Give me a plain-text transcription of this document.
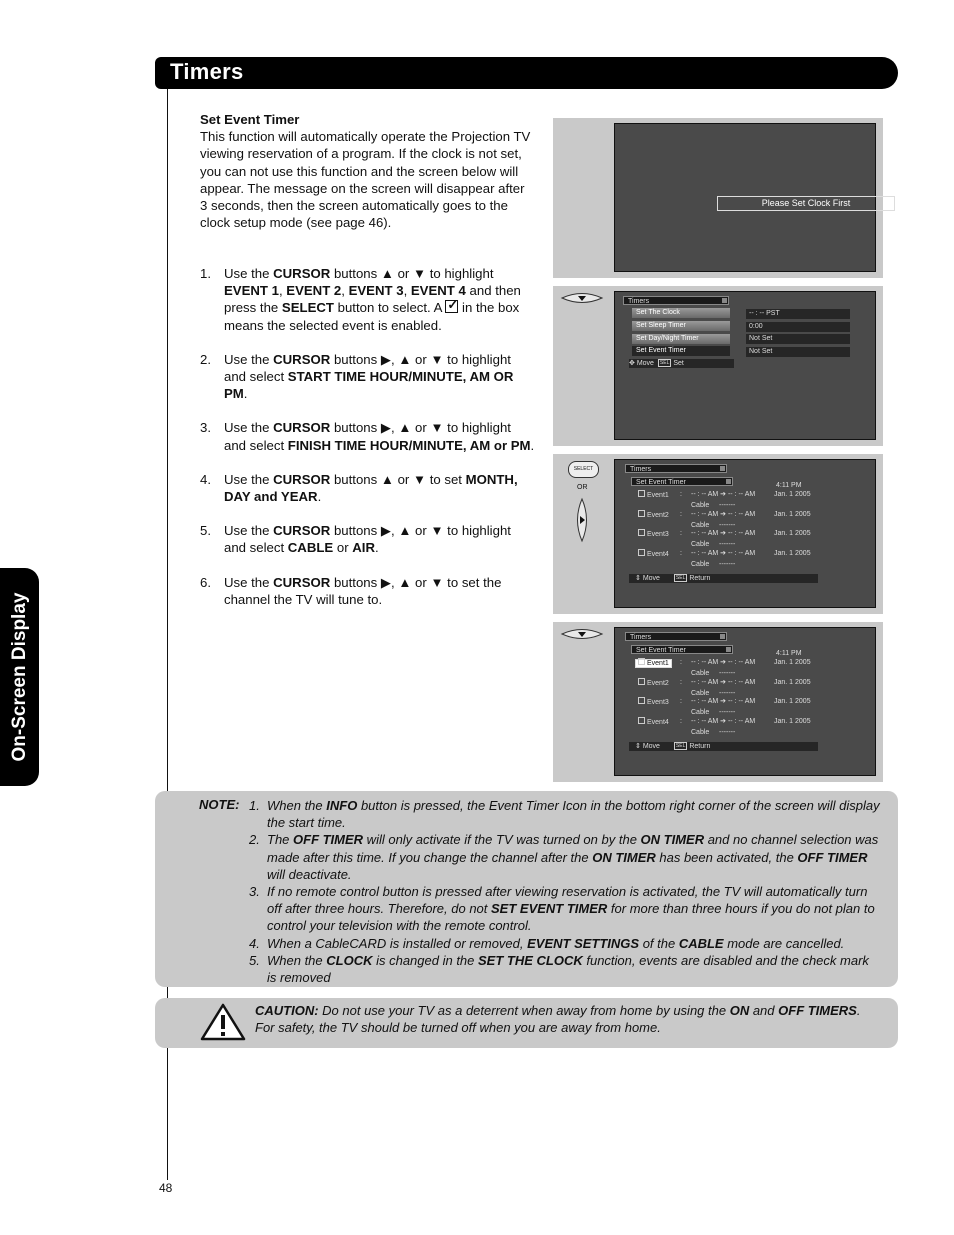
Timers
On-Screen Display
Set Event Timer

This function will automatically operate the Projection TV viewing reservation of a program. If the clock is not set, you can not use this function and the screen below will appear. The message on the screen will disappear after 3 seconds, then the screen automatically goes to the clock setup mode (see page 46).

1. Use the CURSOR buttons ▲ or ▼ to highlight EVENT 1, EVENT 2, EVENT 3, EVENT 4 and then press the SELECT button to select. A ✓ in the box means the selected event is enabled.
2. Use the CURSOR buttons ▶, ▲ or ▼ to highlight and select START TIME HOUR/MINUTE, AM OR PM.
3. Use the CURSOR buttons ▶, ▲ or ▼ to highlight and select FINISH TIME HOUR/MINUTE, AM or PM.
4. Use the CURSOR buttons ▲ or ▼ to set MONTH, DAY and YEAR.
5. Use the CURSOR buttons ▶, ▲ or ▼ to highlight and select CABLE or AIR.
6. Use the CURSOR buttons ▶, ▲ or ▼ to set the channel the TV will tune to.
Please Set Clock First
Timers
Set The Clock
Set Sleep Timer
Set Day/Night Timer
Set Event Timer
-- : -- PST
0:00
Not Set
Not Set
✥ Move SEL Set
SELECT
OR
Timers
Set Event Timer	4:11 PM
Event1 : -- : -- AM ➔ -- : -- AM	Jan. 1 2005

Cable -------
Event2 : -- : -- AM ➔ -- : -- AM	Jan. 1 2005

Cable -------
Event3 : -- : -- AM ➔ -- : -- AM	Jan. 1 2005

Cable -------
Event4 : -- : -- AM ➔ -- : -- AM	Jan. 1 2005

Cable -------
⇕ Move	SEL Return
Timers
Set Event Timer	4:11 PM
Event1 : -- : -- AM ➔ -- : -- AM	Jan. 1 2005

Cable -------
Event2 : -- : -- AM ➔ -- : -- AM	Jan. 1 2005

Cable -------
Event3 : -- : -- AM ➔ -- : -- AM	Jan. 1 2005

Cable -------
Event4 : -- : -- AM ➔ -- : -- AM	Jan. 1 2005

Cable -------
⇕ Move	SEL Return
NOTE: 1. When the INFO button is pressed, the Event Timer Icon in the bottom right corner of the screen will display the start time.
2. The OFF TIMER will only activate if the TV was turned on by the ON TIMER and no channel selection was made after this time. If you change the channel after the ON TIMER has been activated, the OFF TIMER will deactivate.
3. If no remote control button is pressed after viewing reservation is activated, the TV will automatically turn off after three hours. Therefore, do not SET EVENT TIMER for more than three hours if you do not plan to control your television with the remote control.
4. When a CableCARD is installed or removed, EVENT SETTINGS of the CABLE mode are cancelled.
5. When the CLOCK is changed in the SET THE CLOCK function, events are disabled and the check mark is removed
CAUTION: Do not use your TV as a deterrent when away from home by using the ON and OFF TIMERS. For safety, the TV should be turned off when you are away from home.
48
